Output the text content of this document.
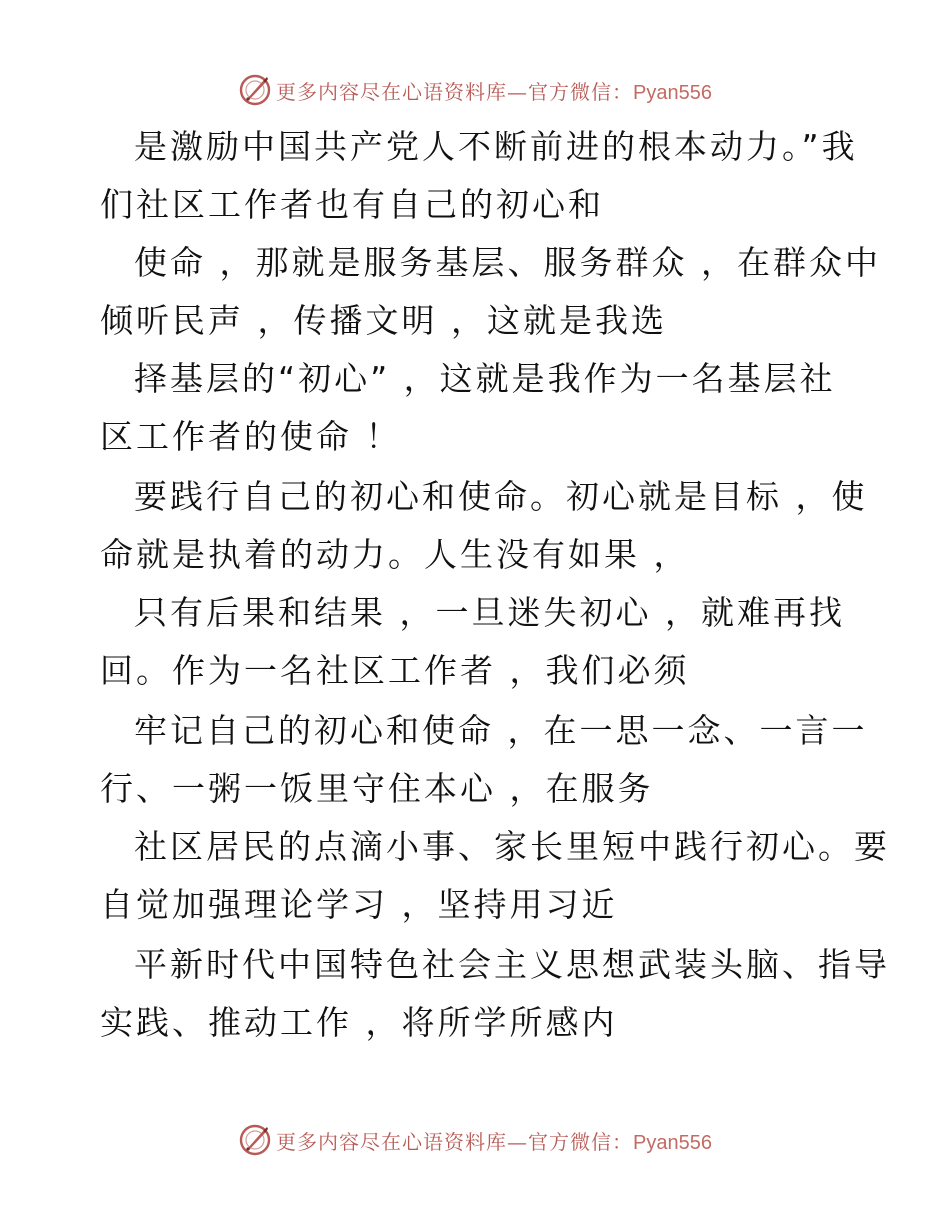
更多内容尽在心语资料库—官方微信：Pyan556
是激励中国共产党人不断前进的根本动力。”我
们社区工作者也有自己的初心和
使命 ，那就是服务基层、服务群众 ，在群众中
倾听民声 ，传播文明 ，这就是我选
择基层的“初心” ，这就是我作为一名基层社
区工作者的使命 ！
要践行自己的初心和使命。初心就是目标 ，使
命就是执着的动力。人生没有如果 ，
只有后果和结果 ，一旦迷失初心 ，就难再找
回。作为一名社区工作者 ，我们必须
牢记自己的初心和使命 ，在一思一念、一言一
行、一粥一饭里守住本心 ，在服务
社区居民的点滴小事、家长里短中践行初心。要
自觉加强理论学习 ，坚持用习近
平新时代中国特色社会主义思想武装头脑、指导
实践、推动工作 ，将所学所感内
更多内容尽在心语资料库—官方微信：Pyan556
